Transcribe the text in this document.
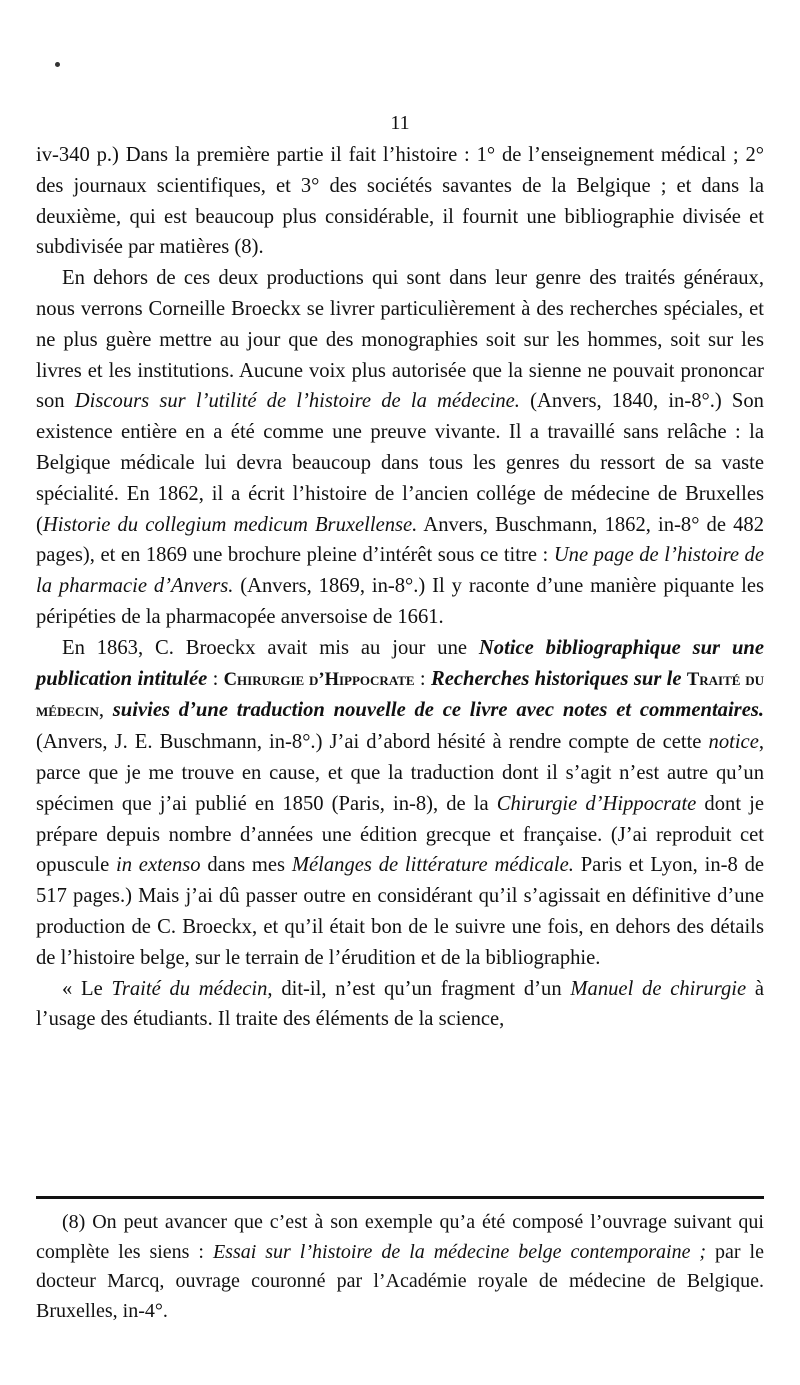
11

iv-340 p.) Dans la première partie il fait l’histoire : 1° de l’enseignement médical ; 2° des journaux scientifiques, et 3° des sociétés savantes de la Belgique ; et dans la deuxième, qui est beaucoup plus considérable, il fournit une bibliographie divisée et subdivisée par matières (8).

En dehors de ces deux productions qui sont dans leur genre des traités généraux, nous verrons Corneille Broeckx se livrer particulièrement à des recherches spéciales, et ne plus guère mettre au jour que des monographies soit sur les hommes, soit sur les livres et les institutions. Aucune voix plus autorisée que la sienne ne pouvait prononcar son Discours sur l’utilité de l’histoire de la médecine. (Anvers, 1840, in-8°.) Son existence entière en a été comme une preuve vivante. Il a travaillé sans relâche : la Belgique médicale lui devra beaucoup dans tous les genres du ressort de sa vaste spécialité. En 1862, il a écrit l’histoire de l’ancien collége de médecine de Bruxelles (Historie du collegium medicum Bruxellense. Anvers, Buschmann, 1862, in-8° de 482 pages), et en 1869 une brochure pleine d’intérêt sous ce titre : Une page de l’histoire de la pharmacie d’Anvers. (Anvers, 1869, in-8°.) Il y raconte d’une manière piquante les péripéties de la pharmacopée anversoise de 1661.

En 1863, C. Broeckx avait mis au jour une Notice bibliographique sur une publication intitulée : Chirurgie d’Hippocrate : Recherches historiques sur le Traité du médecin, suivies d’une traduction nouvelle de ce livre avec notes et commentaires. (Anvers, J. E. Buschmann, in-8°.) J’ai d’abord hésité à rendre compte de cette notice, parce que je me trouve en cause, et que la traduction dont il s’agit n’est autre qu’un spécimen que j’ai publié en 1850 (Paris, in-8), de la Chirurgie d’Hippocrate dont je prépare depuis nombre d’années une édition grecque et française. (J’ai reproduit cet opuscule in extenso dans mes Mélanges de littérature médicale. Paris et Lyon, in-8 de 517 pages.) Mais j’ai dû passer outre en considérant qu’il s’agissait en définitive d’une production de C. Broeckx, et qu’il était bon de le suivre une fois, en dehors des détails de l’histoire belge, sur le terrain de l’érudition et de la bibliographie.

« Le Traité du médecin, dit-il, n’est qu’un fragment d’un Manuel de chirurgie à l’usage des étudiants. Il traite des éléments de la science,

(8) On peut avancer que c’est à son exemple qu’a été composé l’ouvrage suivant qui complète les siens : Essai sur l’histoire de la médecine belge contemporaine ; par le docteur Marcq, ouvrage couronné par l’Académie royale de médecine de Belgique. Bruxelles, in-4°.
